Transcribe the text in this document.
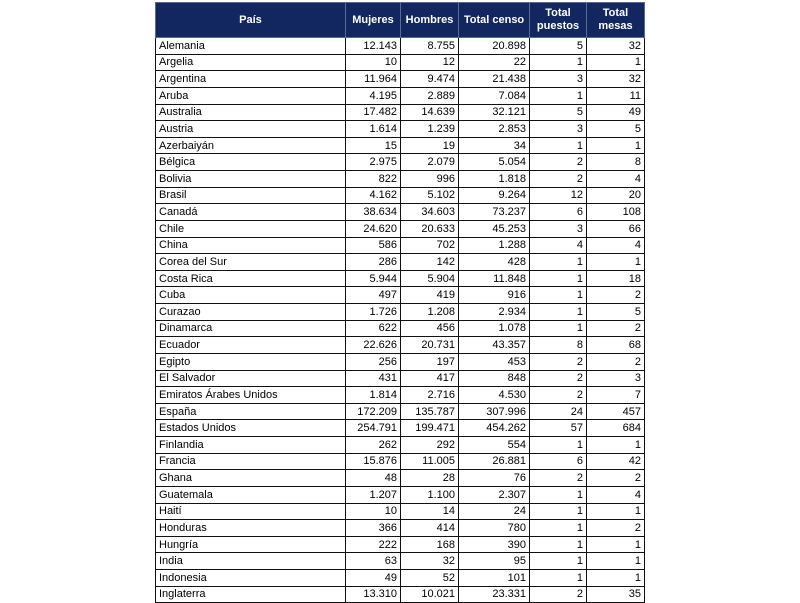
País	Mujeres	Hombres	Total censo	Total puestos	Total mesas
Alemania	12.143	8.755	20.898	5	32
Argelia	10	12	22	1	1
Argentina	11.964	9.474	21.438	3	32
Aruba	4.195	2.889	7.084	1	11
Australia	17.482	14.639	32.121	5	49
Austria	1.614	1.239	2.853	3	5
Azerbaiyán	15	19	34	1	1
Bélgica	2.975	2.079	5.054	2	8
Bolivia	822	996	1.818	2	4
Brasil	4.162	5.102	9.264	12	20
Canadá	38.634	34.603	73.237	6	108
Chile	24.620	20.633	45.253	3	66
China	586	702	1.288	4	4
Corea del Sur	286	142	428	1	1
Costa Rica	5.944	5.904	11.848	1	18
Cuba	497	419	916	1	2
Curazao	1.726	1.208	2.934	1	5
Dinamarca	622	456	1.078	1	2
Ecuador	22.626	20.731	43.357	8	68
Egipto	256	197	453	2	2
El Salvador	431	417	848	2	3
Emiratos Árabes Unidos	1.814	2.716	4.530	2	7
España	172.209	135.787	307.996	24	457
Estados Unidos	254.791	199.471	454.262	57	684
Finlandia	262	292	554	1	1
Francia	15.876	11.005	26.881	6	42
Ghana	48	28	76	2	2
Guatemala	1.207	1.100	2.307	1	4
Haití	10	14	24	1	1
Honduras	366	414	780	1	2
Hungría	222	168	390	1	1
India	63	32	95	1	1
Indonesia	49	52	101	1	1
Inglaterra	13.310	10.021	23.331	2	35
